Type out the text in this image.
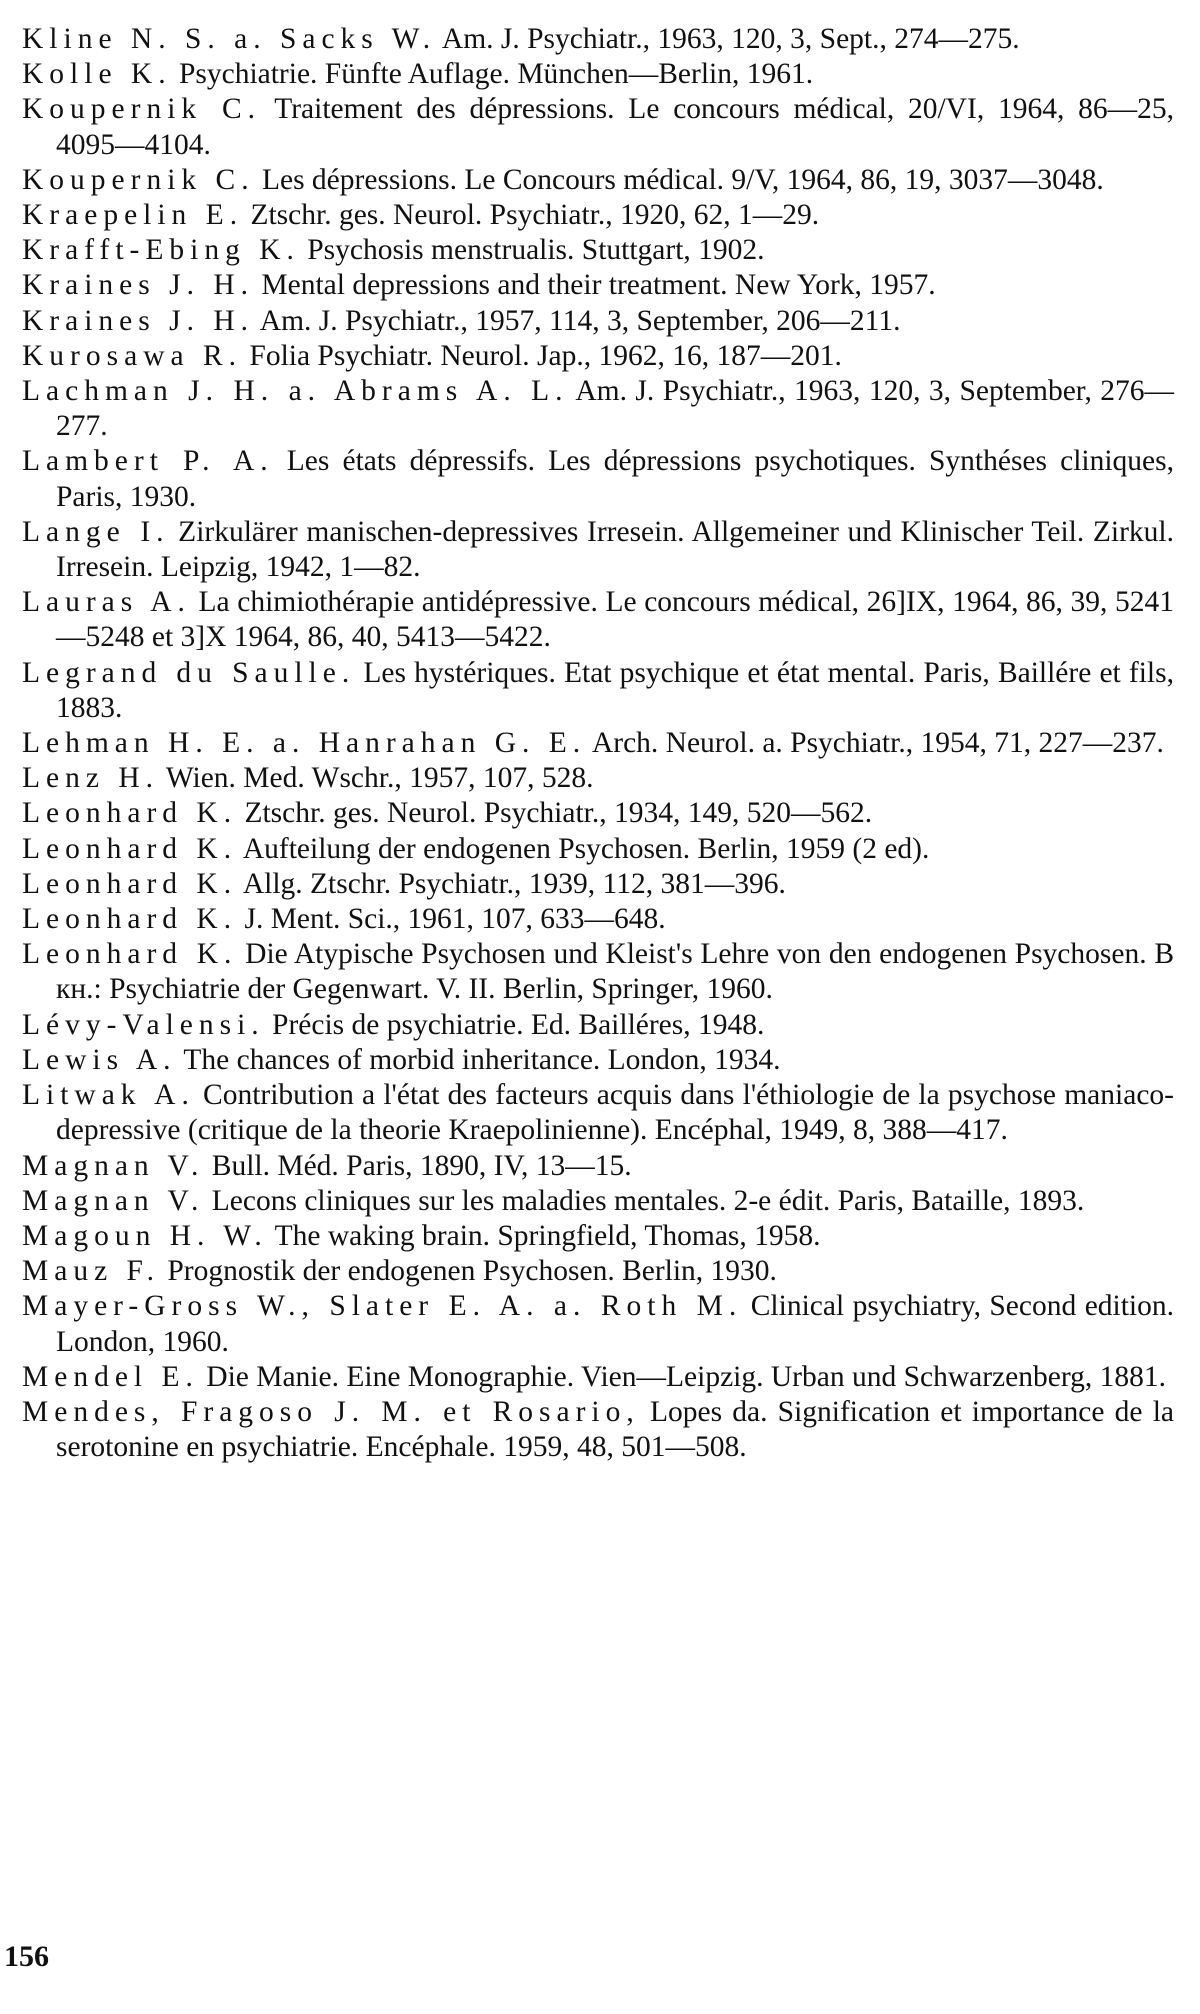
Kline N. S. a. Sacks W. Am. J. Psychiatr., 1963, 120, 3, Sept., 274—275.

Kolle K. Psychiatrie. Fünfte Auflage. München—Berlin, 1961.

Koupernik C. Traitement des dépressions. Le concours médical, 20/VI, 1964, 86—25, 4095—4104.

Koupernik C. Les dépressions. Le Concours médical. 9/V, 1964, 86, 19, 3037—3048.

Kraepelin E. Ztschr. ges. Neurol. Psychiatr., 1920, 62, 1—29.

Krafft-Ebing K. Psychosis menstrualis. Stuttgart, 1902.

Kraines J. H. Mental depressions and their treatment. New York, 1957.

Kraines J. H. Am. J. Psychiatr., 1957, 114, 3, September, 206—211.

Kurosawa R. Folia Psychiatr. Neurol. Jap., 1962, 16, 187—201.

Lachman J. H. a. Abrams A. L. Am. J. Psychiatr., 1963, 120, 3, September, 276—277.

Lambert P. A. Les états dépressifs. Les dépressions psychotiques. Synthéses cliniques, Paris, 1930.

Lange I. Zirkulärer manischen-depressives Irresein. Allgemeiner und Klinischer Teil. Zirkul. Irresein. Leipzig, 1942, 1—82.

Lauras A. La chimiothérapie antidépressive. Le concours médical, 26]IX, 1964, 86, 39, 5241—5248 et 3]X 1964, 86, 40, 5413—5422.

Legrand du Saulle. Les hystériques. Etat psychique et état mental. Paris, Baillére et fils, 1883.

Lehman H. E. a. Hanrahan G. E. Arch. Neurol. a. Psychiatr., 1954, 71, 227—237.

Lenz H. Wien. Med. Wschr., 1957, 107, 528.

Leonhard K. Ztschr. ges. Neurol. Psychiatr., 1934, 149, 520—562.

Leonhard K. Aufteilung der endogenen Psychosen. Berlin, 1959 (2 ed).

Leonhard K. Allg. Ztschr. Psychiatr., 1939, 112, 381—396.

Leonhard K. J. Ment. Sci., 1961, 107, 633—648.

Leonhard K. Die Atypische Psychosen und Kleist's Lehre von den endogenen Psychosen. В кн.: Psychiatrie der Gegenwart. V. II. Berlin, Springer, 1960.

Lévy-Valensi. Précis de psychiatrie. Ed. Bailléres, 1948.

Lewis A. The chances of morbid inheritance. London, 1934.

Litwak A. Contribution a l'état des facteurs acquis dans l'éthiologie de la psychose maniaco-depressive (critique de la theorie Kraepolinienne). Encéphal, 1949, 8, 388—417.

Magnan V. Bull. Méd. Paris, 1890, IV, 13—15.

Magnan V. Lecons cliniques sur les maladies mentales. 2-e édit. Paris, Bataille, 1893.

Magoun H. W. The waking brain. Springfield, Thomas, 1958.

Mauz F. Prognostik der endogenen Psychosen. Berlin, 1930.

Mayer-Gross W., Slater E. A. a. Roth M. Clinical psychiatry, Second edition. London, 1960.

Mendel E. Die Manie. Eine Monographie. Vien—Leipzig. Urban und Schwarzenberg, 1881.

Mendes, Fragoso J. M. et Rosario, Lopes da. Signification et importance de la serotonine en psychiatrie. Encéphale. 1959, 48, 501—508.

156
